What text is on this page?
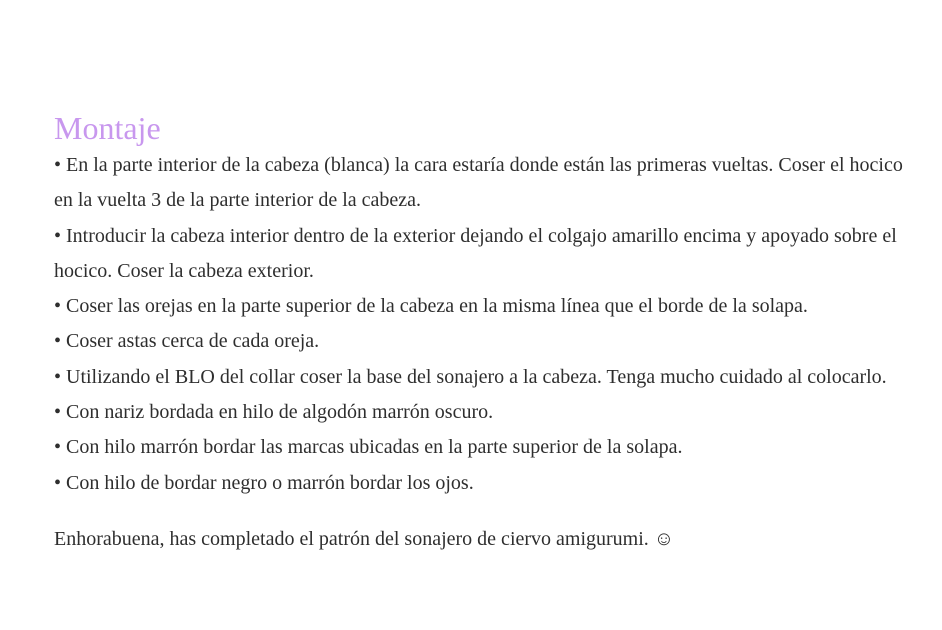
Montaje
• En la parte interior de la cabeza (blanca) la cara estaría donde están las primeras vueltas. Coser el hocico en la vuelta 3 de la parte interior de la cabeza.
• Introducir la cabeza interior dentro de la exterior dejando el colgajo amarillo encima y apoyado sobre el hocico. Coser la cabeza exterior.
• Coser las orejas en la parte superior de la cabeza en la misma línea que el borde de la solapa.
• Coser astas cerca de cada oreja.
• Utilizando el BLO del collar coser la base del sonajero a la cabeza. Tenga mucho cuidado al colocarlo.
• Con nariz bordada en hilo de algodón marrón oscuro.
• Con hilo marrón bordar las marcas ubicadas en la parte superior de la solapa.
• Con hilo de bordar negro o marrón bordar los ojos.

Enhorabuena, has completado el patrón del sonajero de ciervo amigurumi. ☺
